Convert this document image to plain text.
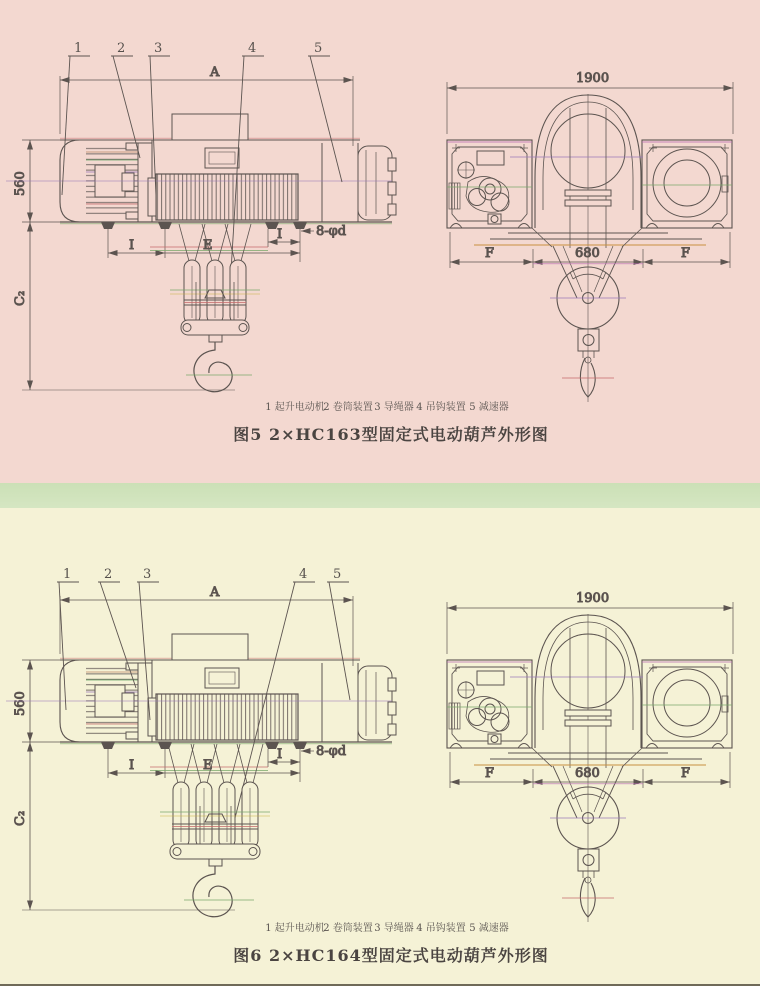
1	2 3	4	5
1 起升电动机
2 卷筒装置 3 导绳器 4 吊钩装置 5 减速器
图5 2×HC163型固定式电动葫芦外形图
1	2 3	4 5
1 起升电动机
2 卷筒装置 3 导绳器 4 吊钩装置 5 减速器
图6 2×HC164型固定式电动葫芦外形图
